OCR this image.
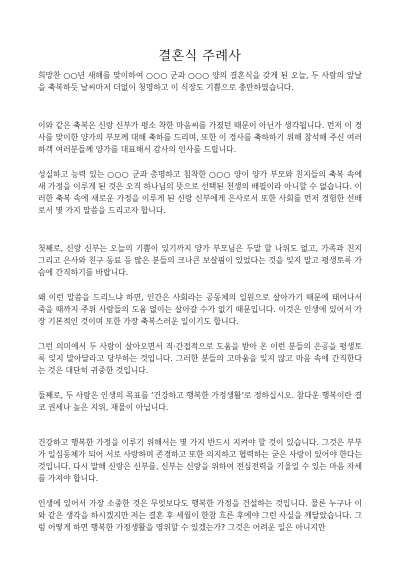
결혼식 주례사

희망찬 ○○년 새해를 맞이하여 ○○○ 군과 ○○○ 양의 결혼식을 갖게 된 오늘, 두 사람의 앞날을 축복하듯 날씨마저 더없이 청명하고 이 식장도 기쁨으로 충만하였습니다.

이와 같은 축복은 신랑 신부가 평소 착한 마음씨를 가졌던 때문이 아닌가 생각됩니다. 먼저 이 경사를 맞이한 양가의 부모께 대해 축하를 드리며, 또한 이 경사를 축하하기 위해 참석해 주신 여러 하객 여러분들께 양가를 대표해서 감사의 인사를 드립니다.

성실하고 능력 있는 ○○○ 군과 총명하고 침착한 ○○○ 양이 양가 부모와 친지들의 축복 속에 새 가정을 이루게 된 것은 오직 하나님의 뜻으로 선택된 천생의 배필이라 아니할 수 없습니다. 이러한 축복 속에 새로운 가정을 이루게 된 신랑 신부에게 은사로서 또한 사회를 먼저 경험한 선배로서 몇 가지 말씀을 드리고자 합니다.

첫째로, 신랑 신부는 오늘의 기쁨이 있기까지 양가 부모님은 두말 할 나위도 없고, 가족과 친지 그리고 은사와 친구 동료 등 많은 분들의 크나큰 보살핌이 있었다는 것을 잊지 말고 평생토록 가슴에 간직하기를 바랍니다.

왜 이런 말씀을 드리느냐 하면, 인간은 사회라는 공동체의 일원으로 살아가기 때문에 태어나서 죽을 때까지 주위 사람들의 도움 없이는 살아갈 수가 없기 때문입니다. 이것은 인생에 있어서 가장 기본적인 것이며 또한 가장 축복스러운 일이기도 합니다.

그런 의미에서 두 사람이 살아오면서 직·간접적으로 도움을 받아 온 이런 분들의 은공을 평생토록 잊지 말아달라고 당부하는 것입니다. 그러한 분들의 고마움을 잊지 않고 마음 속에 간직한다는 것은 대단히 귀중한 것입니다.

둘째로, 두 사람은 인생의 목표를 ‘건강하고 행복한 가정생활’로 정하십시오. 참다운 행복이란 결코 권세나 높은 지위, 재물이 아닙니다.

건강하고 행복한 가정을 이루기 위해서는 몇 가지 반드시 지켜야 할 것이 있습니다. 그것은 부부가 일심동체가 되어 서로 사랑하며 존경하고 또한 의지하고 협력하는 굳은 사랑이 있어야 한다는 것입니다. 다시 말해 신랑은 신부를, 신부는 신랑을 위하여 전심전력을 기울일 수 있는 마음 자세를 가져야 합니다.

인생에 있어서 가장 소중한 것은 무엇보다도 행복한 가정을 건설하는 것입니다. 물론 누구나 이와 같은 생각을 하시겠지만 저는 결혼 후 세월이 한참 흐른 후에야 그런 사실을 깨달았습니다. 그럼 어떻게 하면 행복한 가정생활을 영위할 수 있겠는가? 그것은 어려운 일은 아니지만
